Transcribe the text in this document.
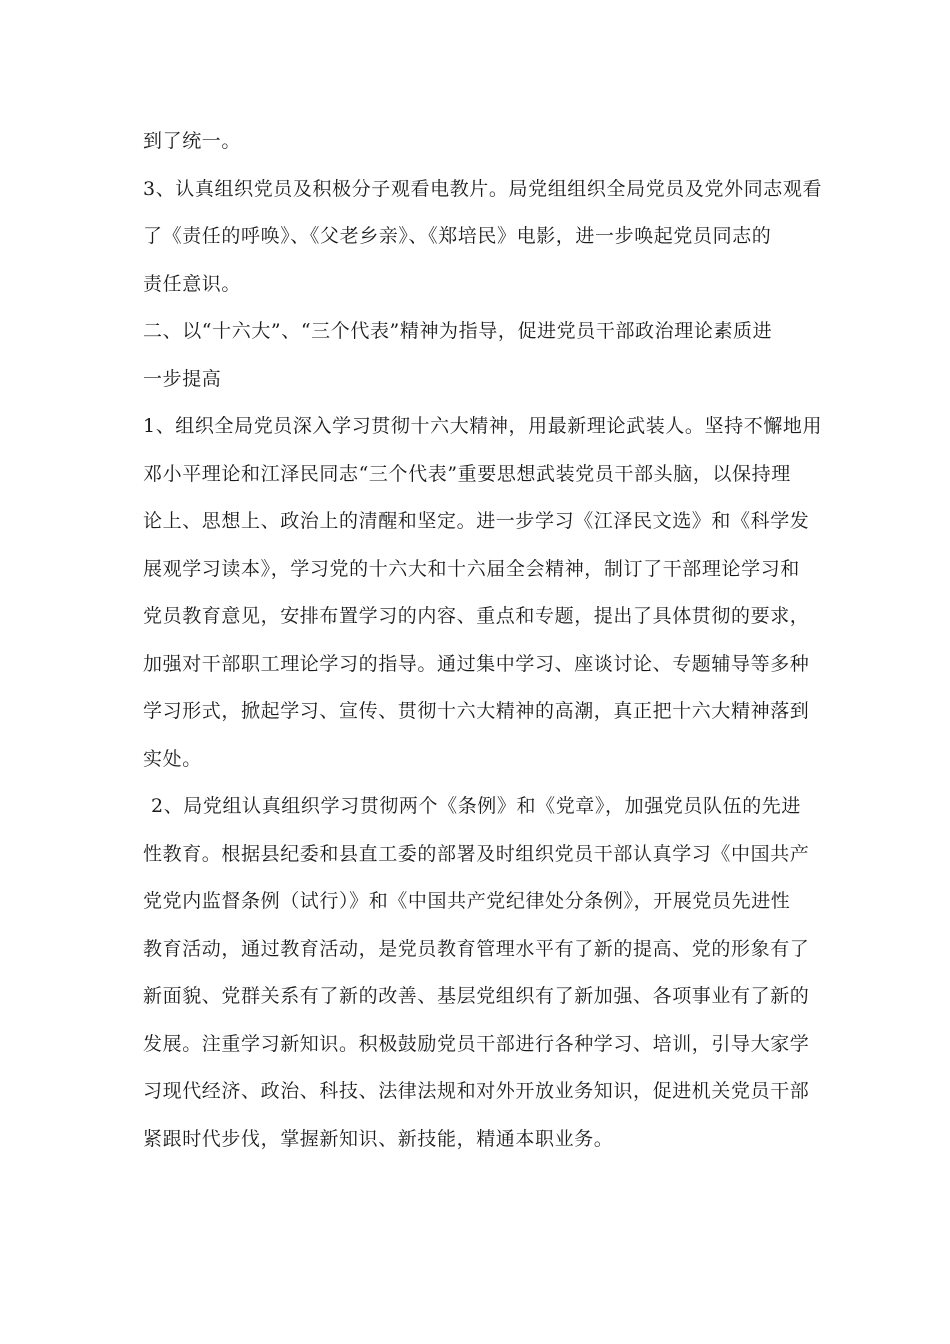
到了统一。
3、认真组织党员及积极分子观看电教片。局党组组织全局党员及党外同志观看
了《责任的呼唤》、《父老乡亲》、《郑培民》电影，进一步唤起党员同志的
责任意识。
二、以“十六大”、“三个代表”精神为指导，促进党员干部政治理论素质进
一步提高
1、组织全局党员深入学习贯彻十六大精神，用最新理论武装人。坚持不懈地用
邓小平理论和江泽民同志“三个代表”重要思想武装党员干部头脑，以保持理
论上、思想上、政治上的清醒和坚定。进一步学习《江泽民文选》和《科学发
展观学习读本》，学习党的十六大和十六届全会精神，制订了干部理论学习和
党员教育意见，安排布置学习的内容、重点和专题，提出了具体贯彻的要求，
加强对干部职工理论学习的指导。通过集中学习、座谈讨论、专题辅导等多种
学习形式，掀起学习、宣传、贯彻十六大精神的高潮，真正把十六大精神落到
实处。
2、局党组认真组织学习贯彻两个《条例》和《党章》，加强党员队伍的先进
性教育。根据县纪委和县直工委的部署及时组织党员干部认真学习《中国共产
党党内监督条例（试行）》和《中国共产党纪律处分条例》，开展党员先进性
教育活动，通过教育活动，是党员教育管理水平有了新的提高、党的形象有了
新面貌、党群关系有了新的改善、基层党组织有了新加强、各项事业有了新的
发展。注重学习新知识。积极鼓励党员干部进行各种学习、培训，引导大家学
习现代经济、政治、科技、法律法规和对外开放业务知识，促进机关党员干部
紧跟时代步伐，掌握新知识、新技能，精通本职业务。
